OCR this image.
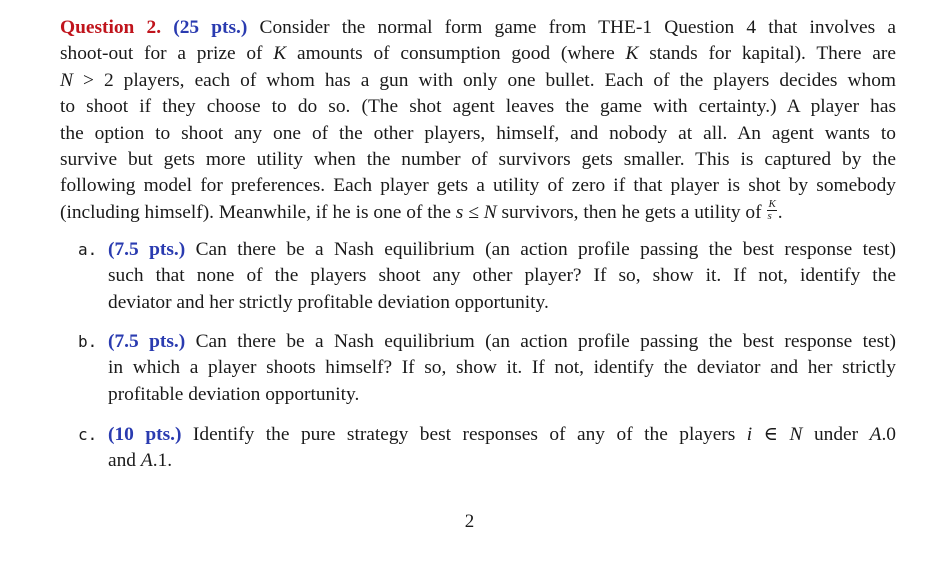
Question 2. (25 pts.) Consider the normal form game from THE-1 Question 4 that involves a
shoot-out for a prize of K amounts of consumption good (where K stands for kapital). There are
N > 2 players, each of whom has a gun with only one bullet. Each of the players decides whom
to shoot if they choose to do so. (The shot agent leaves the game with certainty.) A player has
the option to shoot any one of the other players, himself, and nobody at all. An agent wants to
survive but gets more utility when the number of survivors gets smaller. This is captured by the
following model for preferences. Each player gets a utility of zero if that player is shot by somebody
(including himself). Meanwhile, if he is one of the s ≤ N survivors, then he gets a utility of $\frac{K}{s}$ .
a. (7.5 pts.) Can there be a Nash equilibrium (an action profile passing the best response test)
such that none of the players shoot any other player? If so, show it. If not, identify the
deviator and her strictly profitable deviation opportunity.
b. (7.5 pts.) Can there be a Nash equilibrium (an action profile passing the best response test)
in which a player shoots himself? If so, show it. If not, identify the deviator and her strictly
profitable deviation opportunity.
c. (10 pts.) Identify the pure strategy best responses of any of the players i ∈ N under A.0
and A.1.
2
